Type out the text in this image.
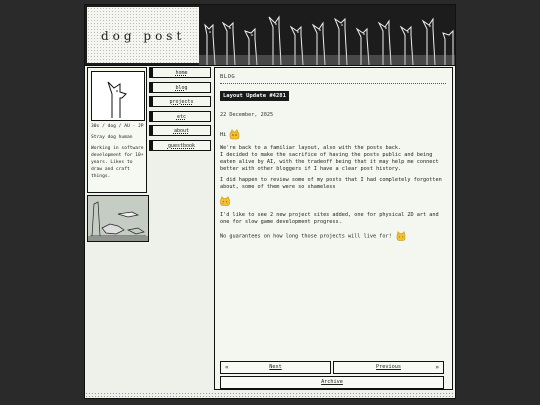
dog post
30s / dog / AU · JP
Stray dog human
Working in software development for 10+ years. Likes to draw and craft things.
home
blog
projects
etc
about
guestbook
BLOG
Layout Update #4281
22 December, 2025
Hi
We're back to a familiar layout, also with the posts back.
I decided to make the sacrifice of having the posts public and being eaten alive by AI, with the tradeoff being that it may help me connect better with other bloggers if I have a clear post history.
I did happen to review some of my posts that I had completely forgotten about, some of them were so shameless
I'd like to see 2 new project sites added, one for physical 2D art and one for slow game development progress.
No guarantees on how long those projects will live for!
«	Next	Previous	»
Archive
